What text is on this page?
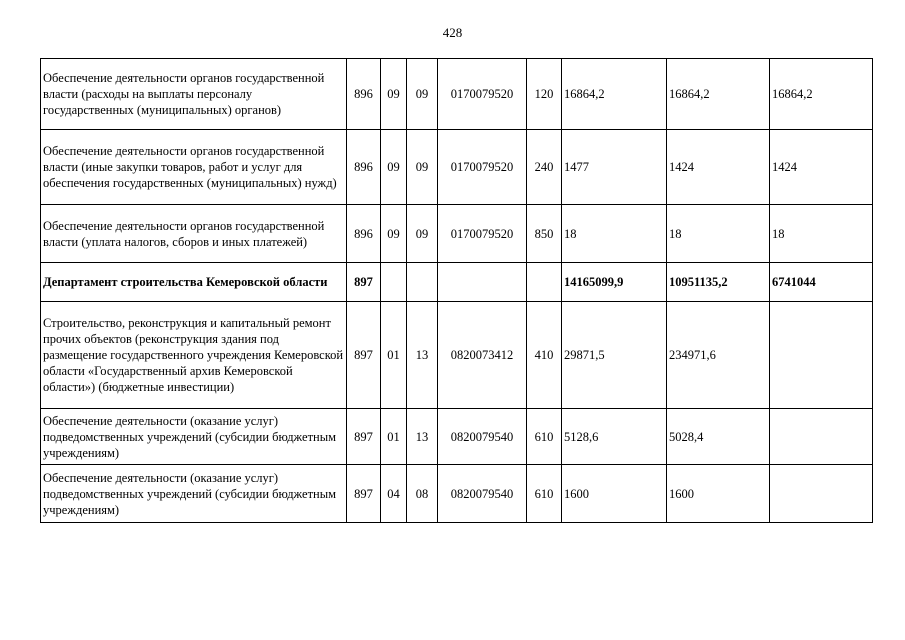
428
Обеспечение деятельности органов государственной власти (расходы на выплаты персоналу государственных (муниципальных) органов)	896	09	09	0170079520	120	16864,2	16864,2	16864,2
Обеспечение деятельности органов государственной власти (иные закупки товаров, работ и услуг для обеспечения государственных (муниципальных) нужд)	896	09	09	0170079520	240	1477	1424	1424
Обеспечение деятельности органов государственной власти (уплата налогов, сборов и иных платежей)	896	09	09	0170079520	850	18	18	18
Департамент строительства Кемеровской области	897					14165099,9	10951135,2	6741044
Строительство, реконструкция и капитальный ремонт прочих объектов (реконструкция здания под размещение государственного учреждения Кемеровской области «Государственный архив Кемеровской области») (бюджетные инвестиции)	897	01	13	0820073412	410	29871,5	234971,6	
Обеспечение деятельности (оказание услуг) подведомственных учреждений (субсидии бюджетным учреждениям)	897	01	13	0820079540	610	5128,6	5028,4	
Обеспечение деятельности (оказание услуг) подведомственных учреждений (субсидии бюджетным учреждениям)	897	04	08	0820079540	610	1600	1600	
